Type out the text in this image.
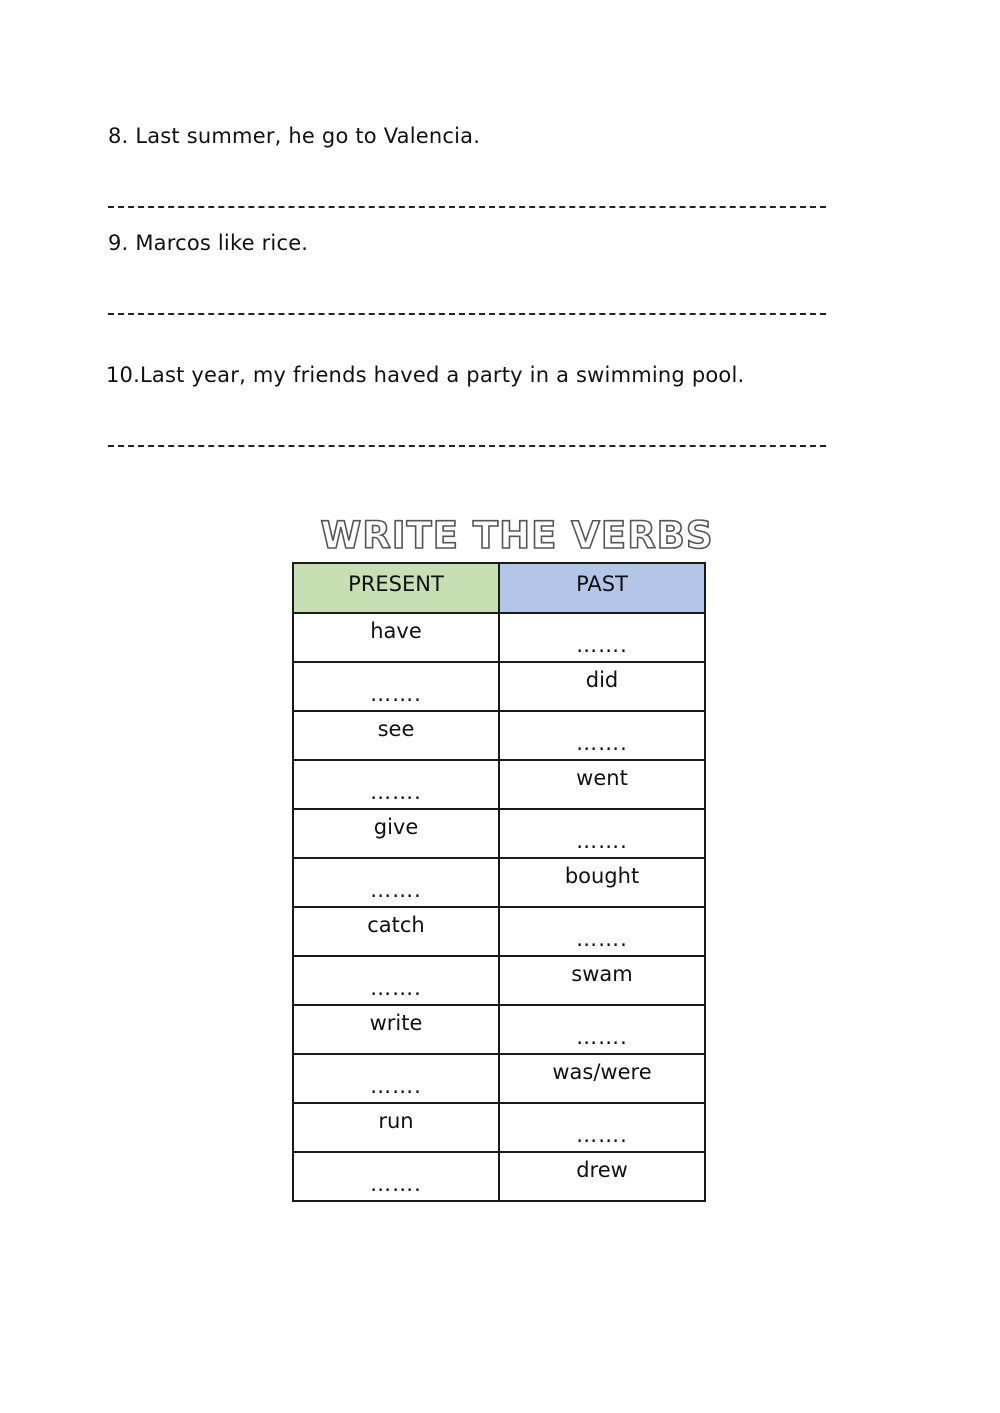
8. Last summer, he go to Valencia.
9. Marcos like rice.
10.Last year, my friends haved a party in a swimming pool.
WRITE THE VERBS
PRESENT	PAST

have	…….

…….	did

see	…….

…….	went

give	…….

…….	bought

catch	…….

…….	swam

write	…….

…….	was/were

run	…….

…….	drew
